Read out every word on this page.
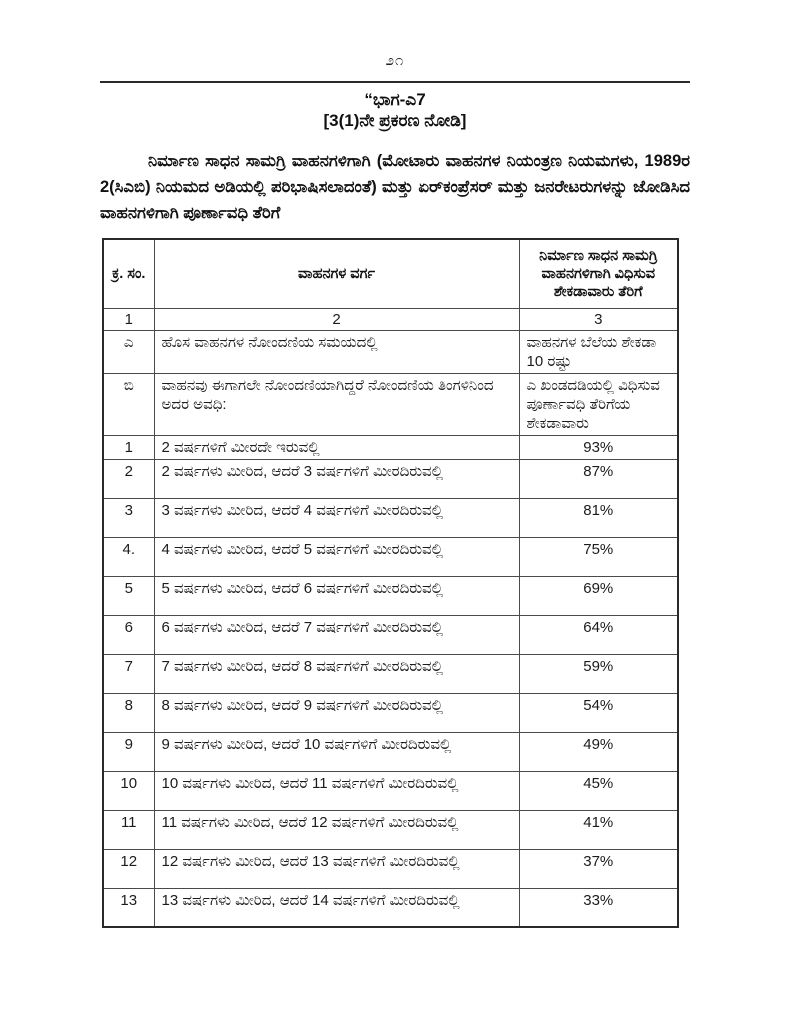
೨೧
“ಭಾಗ-ಎ7
[3(1)ನೇ ಪ್ರಕರಣ ನೋಡಿ]

ನಿರ್ಮಾಣ ಸಾಧನ ಸಾಮಗ್ರಿ ವಾಹನಗಳಿಗಾಗಿ (ಮೋಟಾರು ವಾಹನಗಳ ನಿಯಂತ್ರಣ ನಿಯಮಗಳು, 1989ರ 2(ಸಿಎಬಿ) ನಿಯಮದ ಅಡಿಯಲ್ಲಿ ಪರಿಭಾಷಿಸಲಾದಂತೆ) ಮತ್ತು ಏರ್‌ಕಂಪ್ರೆಸರ್ ಮತ್ತು ಜನರೇಟರುಗಳನ್ನು ಜೋಡಿಸಿದ ವಾಹನಗಳಿಗಾಗಿ ಪೂರ್ಣಾವಧಿ ತೆರಿಗೆ

ಕ್ರ. ಸಂ.	ವಾಹನಗಳ ವರ್ಗ	ನಿರ್ಮಾಣ ಸಾಧನ ಸಾಮಗ್ರಿ ವಾಹನಗಳಿಗಾಗಿ ವಿಧಿಸುವ ಶೇಕಡಾವಾರು ತೆರಿಗೆ
1	2	3
ಎ	ಹೊಸ ವಾಹನಗಳ ನೋಂದಣಿಯ ಸಮಯದಲ್ಲಿ	ವಾಹನಗಳ ಬೆಲೆಯ ಶೇಕಡಾ 10 ರಷ್ಟು
ಬಿ	ವಾಹನವು ಈಗಾಗಲೇ ನೋಂದಣಿಯಾಗಿದ್ದರೆ ನೋಂದಣಿಯ ತಿಂಗಳಿನಿಂದ ಅದರ ಅವಧಿ:	ಎ ಖಂಡದಡಿಯಲ್ಲಿ ವಿಧಿಸುವ ಪೂರ್ಣಾವಧಿ ತೆರಿಗೆಯ ಶೇಕಡಾವಾರು
1	2 ವರ್ಷಗಳಿಗೆ ಮೀರದೇ ಇರುವಲ್ಲಿ	93%
2	2 ವರ್ಷಗಳು ಮೀರಿದ, ಆದರೆ 3 ವರ್ಷಗಳಿಗೆ ಮೀರದಿರುವಲ್ಲಿ	87%
3	3 ವರ್ಷಗಳು ಮೀರಿದ, ಆದರೆ 4 ವರ್ಷಗಳಿಗೆ ಮೀರದಿರುವಲ್ಲಿ	81%
4.	4 ವರ್ಷಗಳು ಮೀರಿದ, ಆದರೆ 5 ವರ್ಷಗಳಿಗೆ ಮೀರದಿರುವಲ್ಲಿ	75%
5	5 ವರ್ಷಗಳು ಮೀರಿದ, ಆದರೆ 6 ವರ್ಷಗಳಿಗೆ ಮೀರದಿರುವಲ್ಲಿ	69%
6	6 ವರ್ಷಗಳು ಮೀರಿದ, ಆದರೆ 7 ವರ್ಷಗಳಿಗೆ ಮೀರದಿರುವಲ್ಲಿ	64%
7	7 ವರ್ಷಗಳು ಮೀರಿದ, ಆದರೆ 8 ವರ್ಷಗಳಿಗೆ ಮೀರದಿರುವಲ್ಲಿ	59%
8	8 ವರ್ಷಗಳು ಮೀರಿದ, ಆದರೆ 9 ವರ್ಷಗಳಿಗೆ ಮೀರದಿರುವಲ್ಲಿ	54%
9	9 ವರ್ಷಗಳು ಮೀರಿದ, ಆದರೆ 10 ವರ್ಷಗಳಿಗೆ ಮೀರದಿರುವಲ್ಲಿ	49%
10	10 ವರ್ಷಗಳು ಮೀರಿದ, ಆದರೆ 11 ವರ್ಷಗಳಿಗೆ ಮೀರದಿರುವಲ್ಲಿ	45%
11	11 ವರ್ಷಗಳು ಮೀರಿದ, ಆದರೆ 12 ವರ್ಷಗಳಿಗೆ ಮೀರದಿರುವಲ್ಲಿ	41%
12	12 ವರ್ಷಗಳು ಮೀರಿದ, ಆದರೆ 13 ವರ್ಷಗಳಿಗೆ ಮೀರದಿರುವಲ್ಲಿ	37%
13	13 ವರ್ಷಗಳು ಮೀರಿದ, ಆದರೆ 14 ವರ್ಷಗಳಿಗೆ ಮೀರದಿರುವಲ್ಲಿ	33%
